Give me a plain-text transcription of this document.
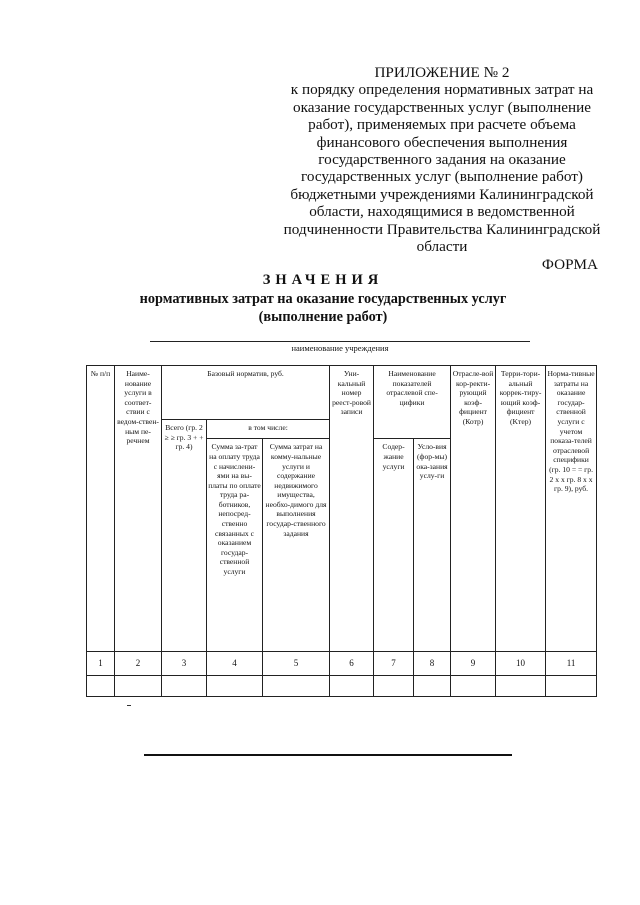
ПРИЛОЖЕНИЕ № 2
к порядку определения нормативных затрат на оказание государственных услуг (выполнение работ), применяемых при расчете объема финансового обеспечения выполнения государственного задания на оказание государственных услуг (выполнение работ) бюджетными учреждениями Калининградской области, находящимися в ведомственной подчиненности Правительства Калининградской области
ФОРМА
ЗНАЧЕНИЯ
нормативных затрат на оказание государственных услуг (выполнение работ)
наименование учреждения
№ п/п	Наиме-нование услуги в соответ-ствии с ведом-ствен-ным пе-речнем	Базовый норматив, руб.			Уни-кальный номер реест-ровой записи	Наименование показателей отраслевой спе-цифики		Отрасле-вой кор-ректи-рующий коэф-фициент (Котр)	Терри-тори-альный коррек-тиру-ющий коэф-фициент (Kтер)	Норма-тивные затраты на оказание государ-ственной услуги с учетом показа-телей отраслевой специфики (гр. 10 = = гр. 2 х х гр. 8 х х гр. 9), руб.
		Всего (гр. 2 ≥ ≥ гр. 3 + + гр. 4)	в том числе:							
			Сумма за-трат на оплату труда с начислени-ями на вы-платы по оплате труда ра-ботников, непосред-ственно связанных с оказанием государ-ственной услуги	Сумма затрат на комму-нальные услуги и содержание недвижимого имущества, необхо-димого для выполнения государ-ственного задания		Содер-жание услуги	Усло-вия (фор-мы) ока-зания услу-ги			
1	2	3	4	5	6	7	8	9	10	11
